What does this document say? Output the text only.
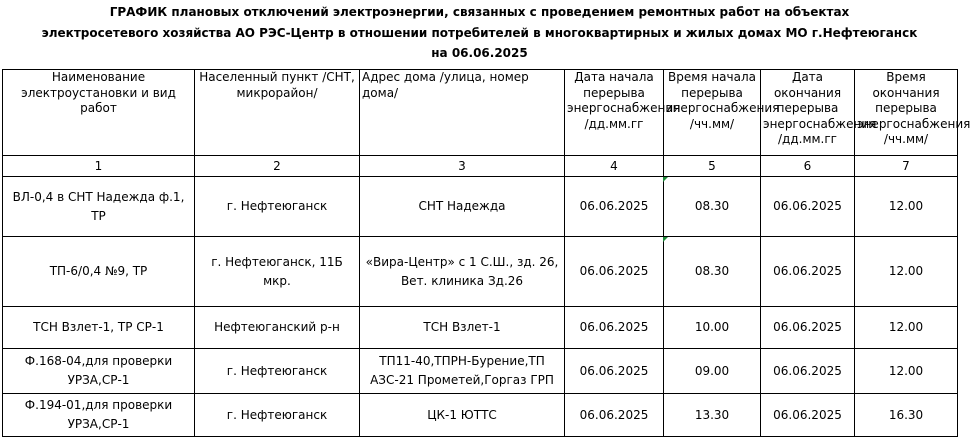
ГРАФИК плановых отключений электроэнергии, связанных с проведением ремонтных работ на объектах
электросетевого хозяйства АО РЭС-Центр в отношении потребителей в многоквартирных и жилых домах МО г.Нефтеюганск
на 06.06.2025
Наименование электроустановки и вид работ	Населенный пункт /СНТ, микрорайон/	Адрес дома /улица, номер дома/	Дата начала перерыва энергоснабжения /дд.мм.гг	Время начала перерыва энергоснабжения /чч.мм/	Дата окончания перерыва энергоснабжения /дд.мм.гг	Время окончания перерыва энергоснабжения /чч.мм/
1	2	3	4	5	6	7
ВЛ-0,4 в СНТ Надежда ф.1, ТР	г. Нефтеюганск	СНТ Надежда	06.06.2025	08.30	06.06.2025	12.00
ТП-6/0,4 №9, ТР	г. Нефтеюганск, 11Б мкр.	«Вира-Центр» с 1 С.Ш., зд. 26, Вет. клиника Зд.26	06.06.2025	08.30	06.06.2025	12.00
ТСН Взлет-1, ТР СР-1	Нефтеюганский р-н	ТСН Взлет-1	06.06.2025	10.00	06.06.2025	12.00
Ф.168-04,для проверки УРЗА,СР-1	г. Нефтеюганск	ТП11-40,ТПРН-Бурение,ТП АЗС-21 Прометей,Горгаз ГРП	06.06.2025	09.00	06.06.2025	12.00
Ф.194-01,для проверки УРЗА,СР-1	г. Нефтеюганск	ЦК-1 ЮТТС	06.06.2025	13.30	06.06.2025	16.30
